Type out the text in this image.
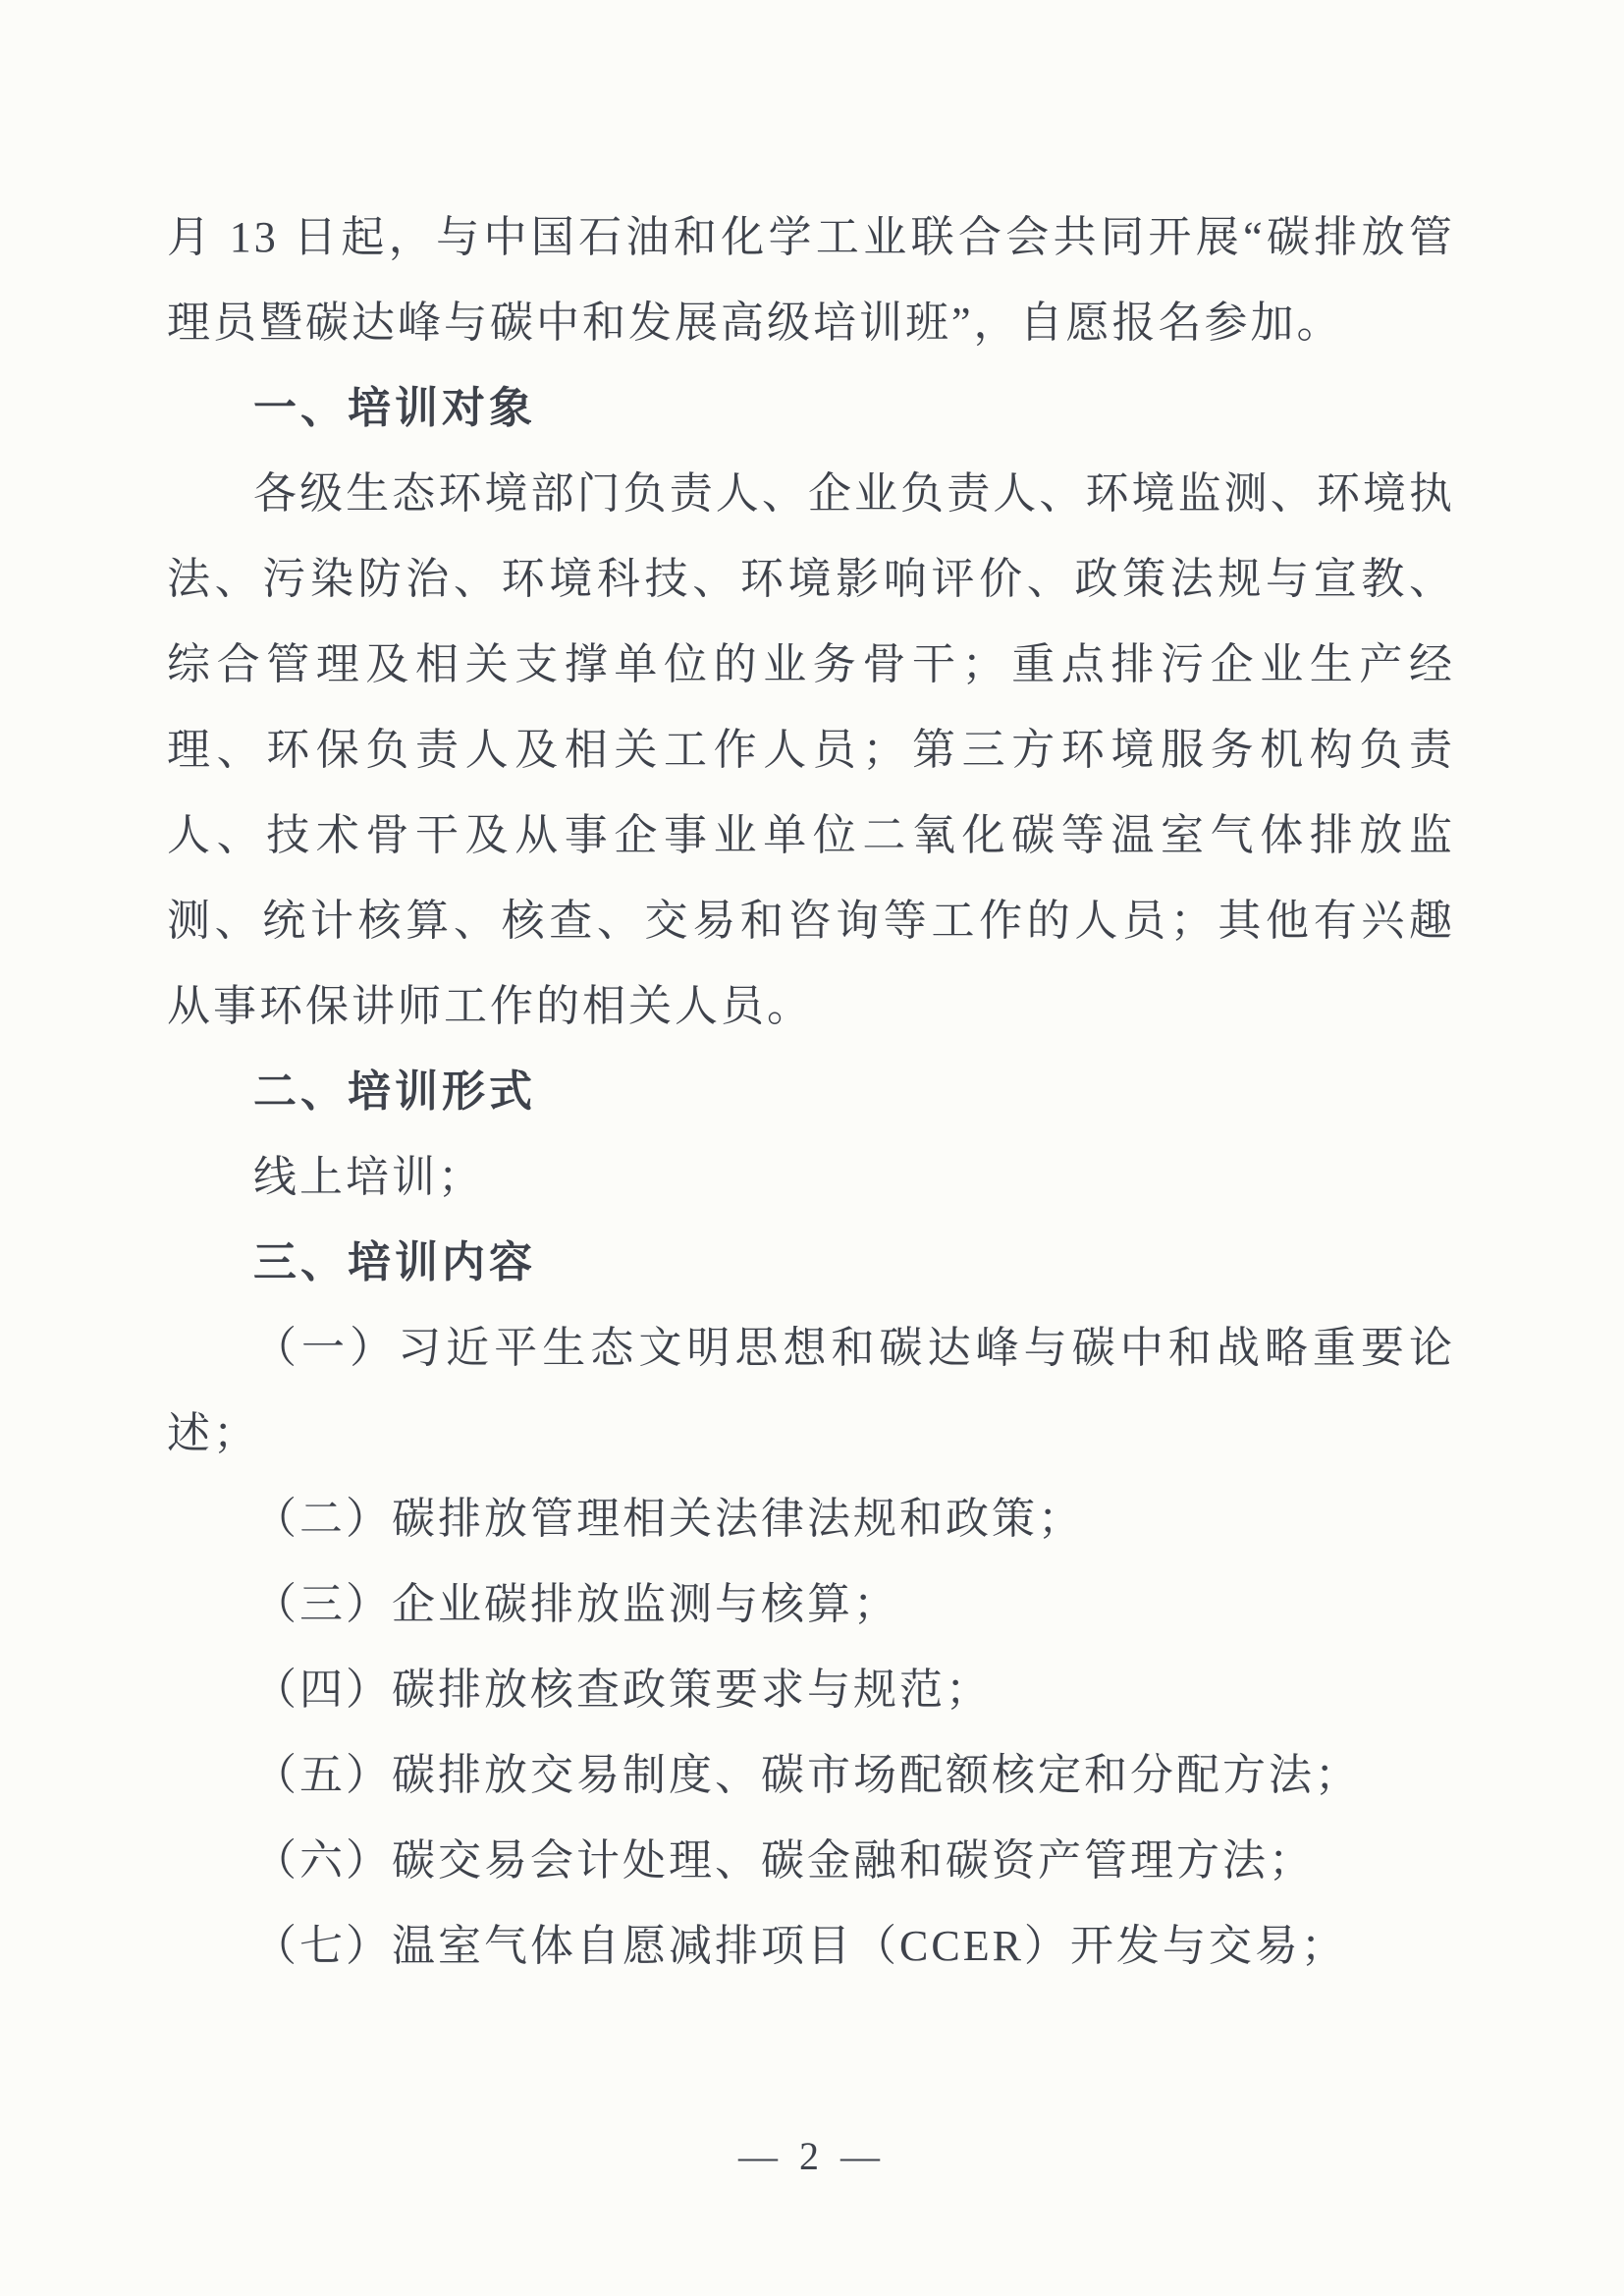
月 13 日起，与中国石油和化学工业联合会共同开展“碳排放管理员暨碳达峰与碳中和发展高级培训班”，自愿报名参加。

一、培训对象

各级生态环境部门负责人、企业负责人、环境监测、环境执法、污染防治、环境科技、环境影响评价、政策法规与宣教、综合管理及相关支撑单位的业务骨干；重点排污企业生产经理、环保负责人及相关工作人员；第三方环境服务机构负责人、技术骨干及从事企事业单位二氧化碳等温室气体排放监测、统计核算、核查、交易和咨询等工作的人员；其他有兴趣从事环保讲师工作的相关人员。

二、培训形式

线上培训；

三、培训内容

（一）习近平生态文明思想和碳达峰与碳中和战略重要论述；

（二）碳排放管理相关法律法规和政策；

（三）企业碳排放监测与核算；

（四）碳排放核查政策要求与规范；

（五）碳排放交易制度、碳市场配额核定和分配方法；

（六）碳交易会计处理、碳金融和碳资产管理方法；

（七）温室气体自愿减排项目（CCER）开发与交易；

— 2 —
